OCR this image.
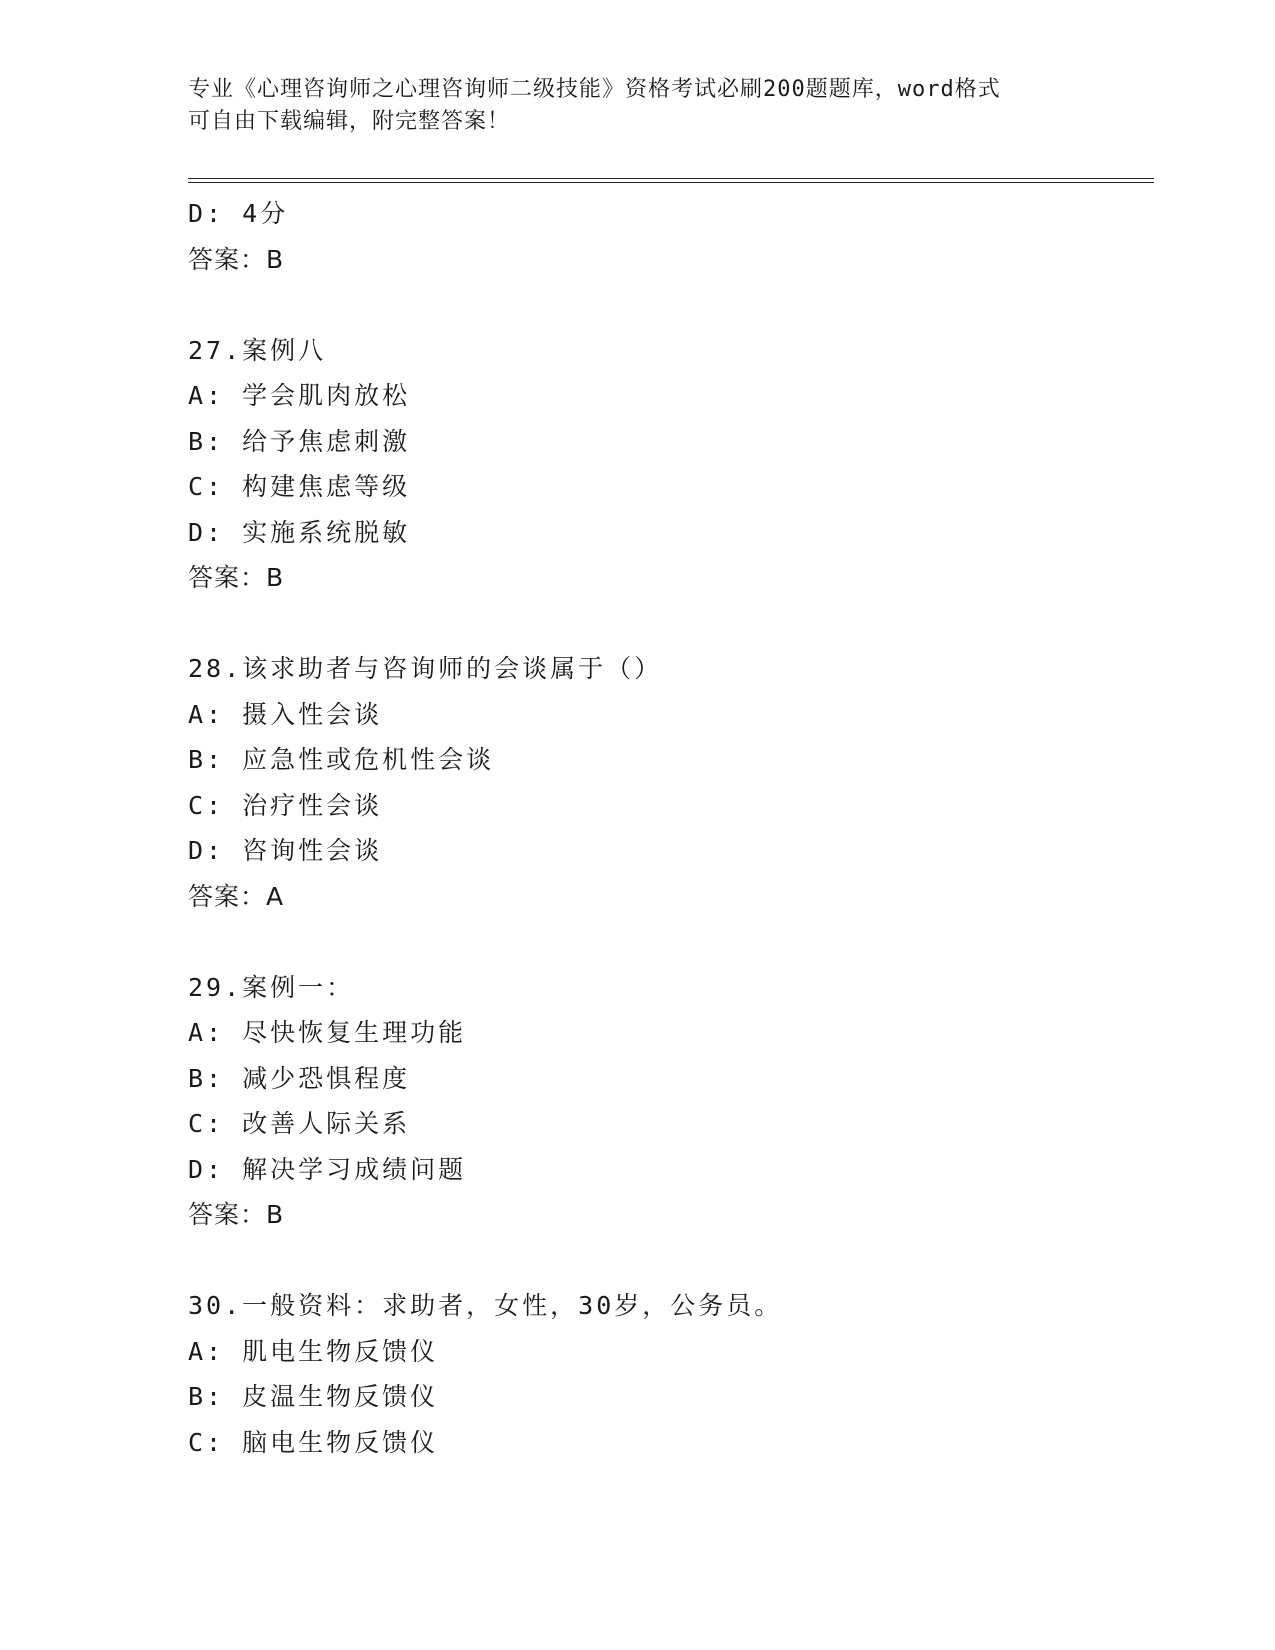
专业《心理咨询师之心理咨询师二级技能》资格考试必刷200题题库，word格式
可自由下载编辑，附完整答案！
D: 4分
答案：B
27.案例八
A: 学会肌肉放松
B: 给予焦虑刺激
C: 构建焦虑等级
D: 实施系统脱敏
答案：B
28.该求助者与咨询师的会谈属于（）
A: 摄入性会谈
B: 应急性或危机性会谈
C: 治疗性会谈
D: 咨询性会谈
答案：A
29.案例一：
A: 尽快恢复生理功能
B: 减少恐惧程度
C: 改善人际关系
D: 解决学习成绩问题
答案：B
30.一般资料：求助者，女性，30岁，公务员。
A: 肌电生物反馈仪
B: 皮温生物反馈仪
C: 脑电生物反馈仪
